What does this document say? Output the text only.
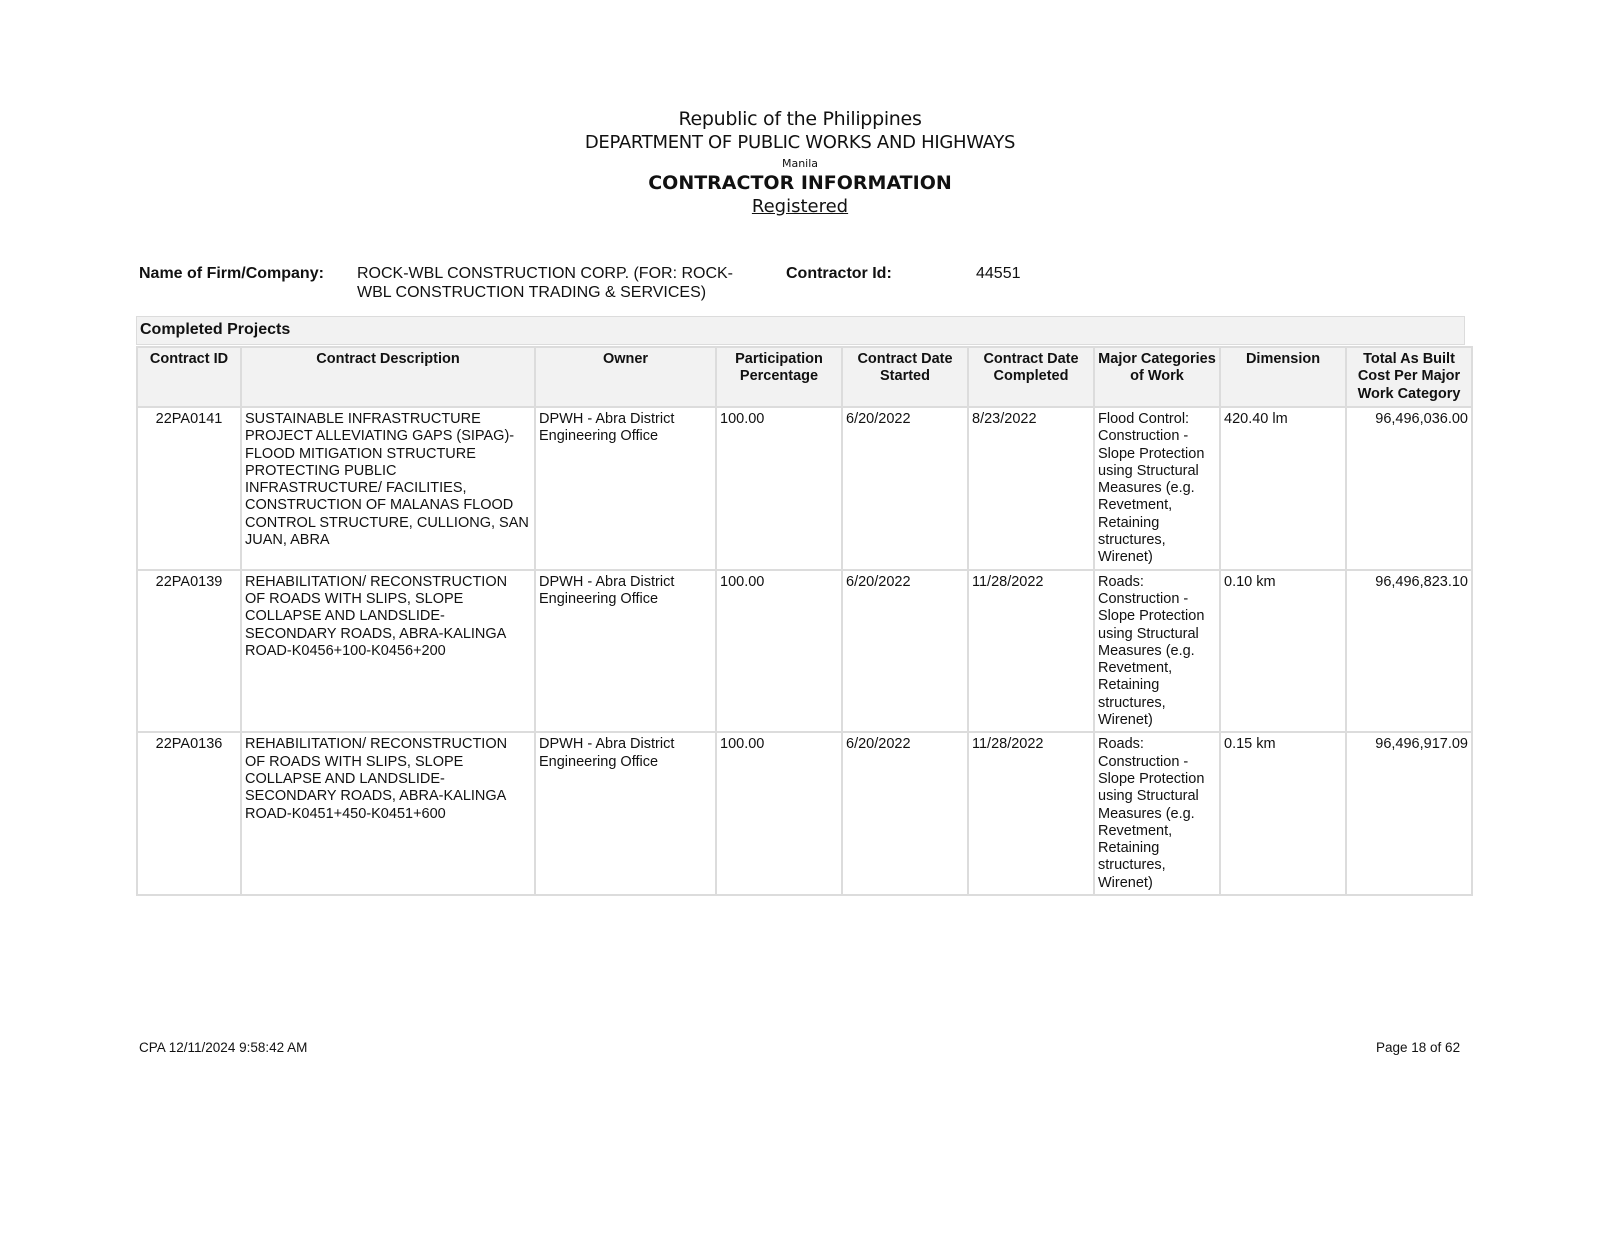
Republic of the Philippines
DEPARTMENT OF PUBLIC WORKS AND HIGHWAYS
Manila
CONTRACTOR INFORMATION
Registered
Name of Firm/Company: ROCK-WBL CONSTRUCTION CORP. (FOR: ROCK-WBL CONSTRUCTION TRADING & SERVICES)
Contractor Id:	44551
Completed Projects
Contract ID	Contract Description	Owner	Participation Percentage	Contract Date Started	Contract Date Completed	Major Categories of Work	Dimension	Total As Built Cost Per Major Work Category
22PA0141	SUSTAINABLE INFRASTRUCTURE PROJECT ALLEVIATING GAPS (SIPAG)-FLOOD MITIGATION STRUCTURE PROTECTING PUBLIC INFRASTRUCTURE/ FACILITIES, CONSTRUCTION OF MALANAS FLOOD CONTROL STRUCTURE, CULLIONG, SAN JUAN, ABRA	DPWH - Abra District Engineering Office	100.00	6/20/2022	8/23/2022	Flood Control: Construction - Slope Protection using Structural Measures (e.g. Revetment, Retaining structures, Wirenet)	420.40 lm	96,496,036.00
22PA0139	REHABILITATION/ RECONSTRUCTION OF ROADS WITH SLIPS, SLOPE COLLAPSE AND LANDSLIDE-SECONDARY ROADS, ABRA-KALINGA ROAD-K0456+100-K0456+200	DPWH - Abra District Engineering Office	100.00	6/20/2022	11/28/2022	Roads: Construction - Slope Protection using Structural Measures (e.g. Revetment, Retaining structures, Wirenet)	0.10 km	96,496,823.10
22PA0136	REHABILITATION/ RECONSTRUCTION OF ROADS WITH SLIPS, SLOPE COLLAPSE AND LANDSLIDE-SECONDARY ROADS, ABRA-KALINGA ROAD-K0451+450-K0451+600	DPWH - Abra District Engineering Office	100.00	6/20/2022	11/28/2022	Roads: Construction - Slope Protection using Structural Measures (e.g. Revetment, Retaining structures, Wirenet)	0.15 km	96,496,917.09
CPA 12/11/2024 9:58:42 AM	Page 18 of 62
